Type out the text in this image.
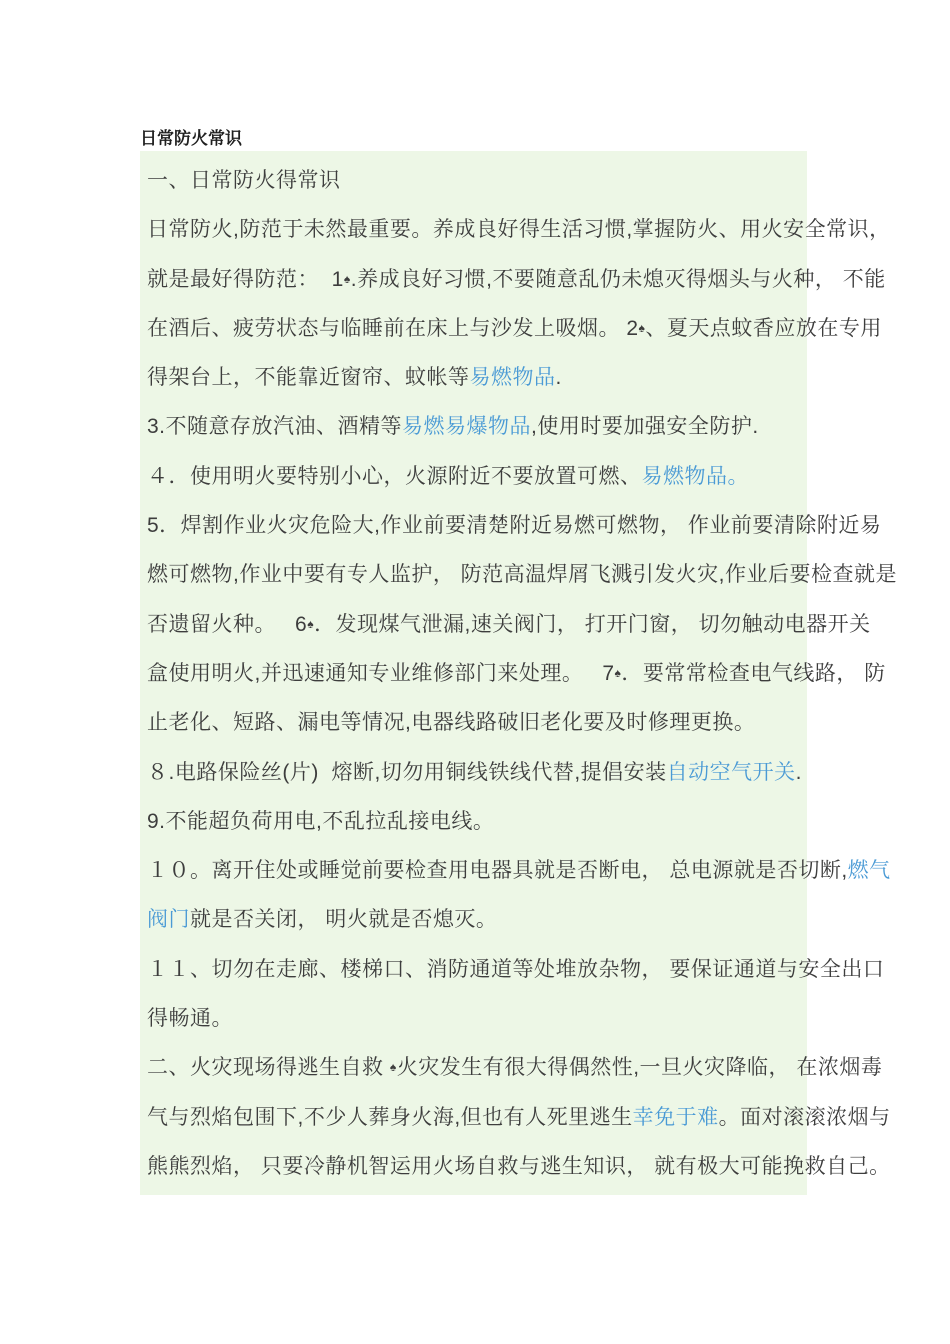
日常防火常识
一、日常防火得常识
日常防火,防范于未然最重要。养成良好得生活习惯,掌握防火、用火安全常识，
就是最好得防范：  1♠.养成良好习惯,不要随意乱仍未熄灭得烟头与火种， 不能
在酒后、疲劳状态与临睡前在床上与沙发上吸烟。 2♠、夏天点蚊香应放在专用
得架台上，不能靠近窗帘、蚊帐等易燃物品.
3.不随意存放汽油、酒精等易燃易爆物品,使用时要加强安全防护.
４．使用明火要特别小心，火源附近不要放置可燃、易燃物品。
5．焊割作业火灾危险大,作业前要清楚附近易燃可燃物， 作业前要清除附近易
燃可燃物,作业中要有专人监护， 防范高温焊屑飞溅引发火灾,作业后要检查就是
否遗留火种。   6♠．发现煤气泄漏,速关阀门， 打开门窗， 切勿触动电器开关
盒使用明火,并迅速通知专业维修部门来处理。   7♠．要常常检查电气线路， 防
止老化、短路、漏电等情况,电器线路破旧老化要及时修理更换。
８.电路保险丝(片)  熔断,切勿用铜线铁线代替,提倡安装自动空气开关.
9.不能超负荷用电,不乱拉乱接电线。
１０。离开住处或睡觉前要检查用电器具就是否断电， 总电源就是否切断,燃气
阀门就是否关闭， 明火就是否熄灭。
１１、切勿在走廊、楼梯口、消防通道等处堆放杂物， 要保证通道与安全出口
得畅通。
二、火灾现场得逃生自救 ♠火灾发生有很大得偶然性,一旦火灾降临， 在浓烟毒
气与烈焰包围下,不少人葬身火海,但也有人死里逃生幸免于难。面对滚滚浓烟与
熊熊烈焰， 只要冷静机智运用火场自救与逃生知识， 就有极大可能挽救自己。
